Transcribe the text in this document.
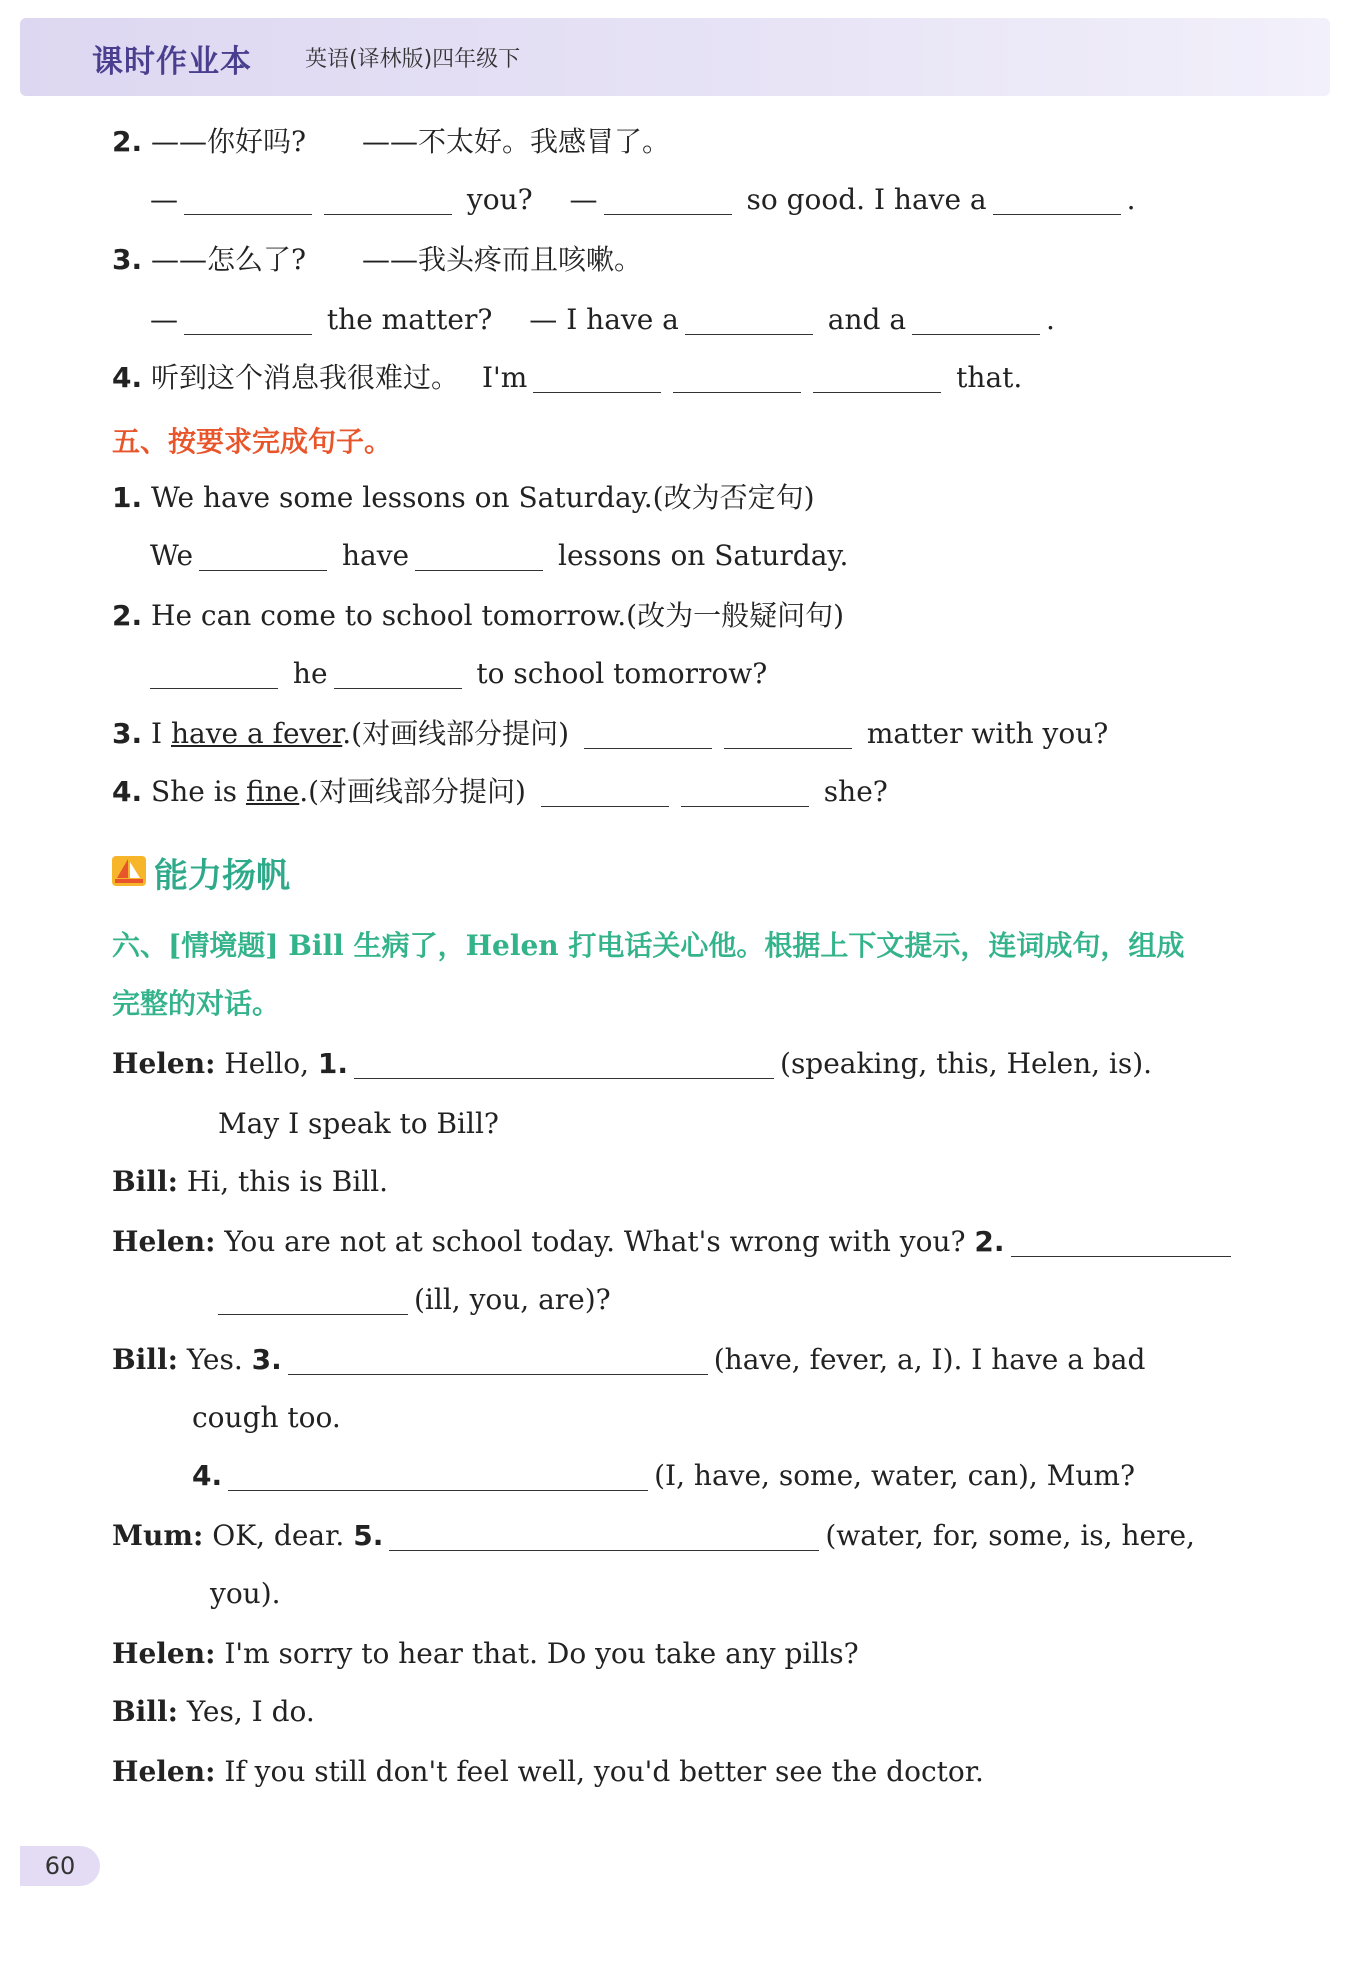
课时作业本 英语(译林版)四年级下
2. ——你好吗?　　——不太好。我感冒了。
—	you? 　—	so good. I have a	.
3. ——怎么了?　　——我头疼而且咳嗽。
—	the matter?　 — I have a	and a	.
4. 听到这个消息我很难过。　 I'm	that.
五、按要求完成句子。
1. We have some lessons on Saturday.(改为否定句)
We	have	lessons on Saturday.
2. He can come to school tomorrow.(改为一般疑问句)
he	to school tomorrow?
3. I have a fever.(对画线部分提问)	matter with you?
4. She is fine.(对画线部分提问)	she?
能力扬帆
六、[情境题] Bill 生病了，Helen 打电话关心他。根据上下文提示，连词成句，组成
完整的对话。
Helen: Hello, 1.	(speaking, this, Helen, is).
May I speak to Bill?
Bill: Hi, this is Bill.
Helen: You are not at school today. What's wrong with you? 2.
(ill, you, are)?
Bill: Yes. 3.	(have, fever, a, I). I have a bad
cough too.
4.	(I, have, some, water, can), Mum?
Mum: OK, dear. 5.	(water, for, some, is, here,
you).
Helen: I'm sorry to hear that. Do you take any pills?
Bill: Yes, I do.
Helen: If you still don't feel well, you'd better see the doctor.
60
